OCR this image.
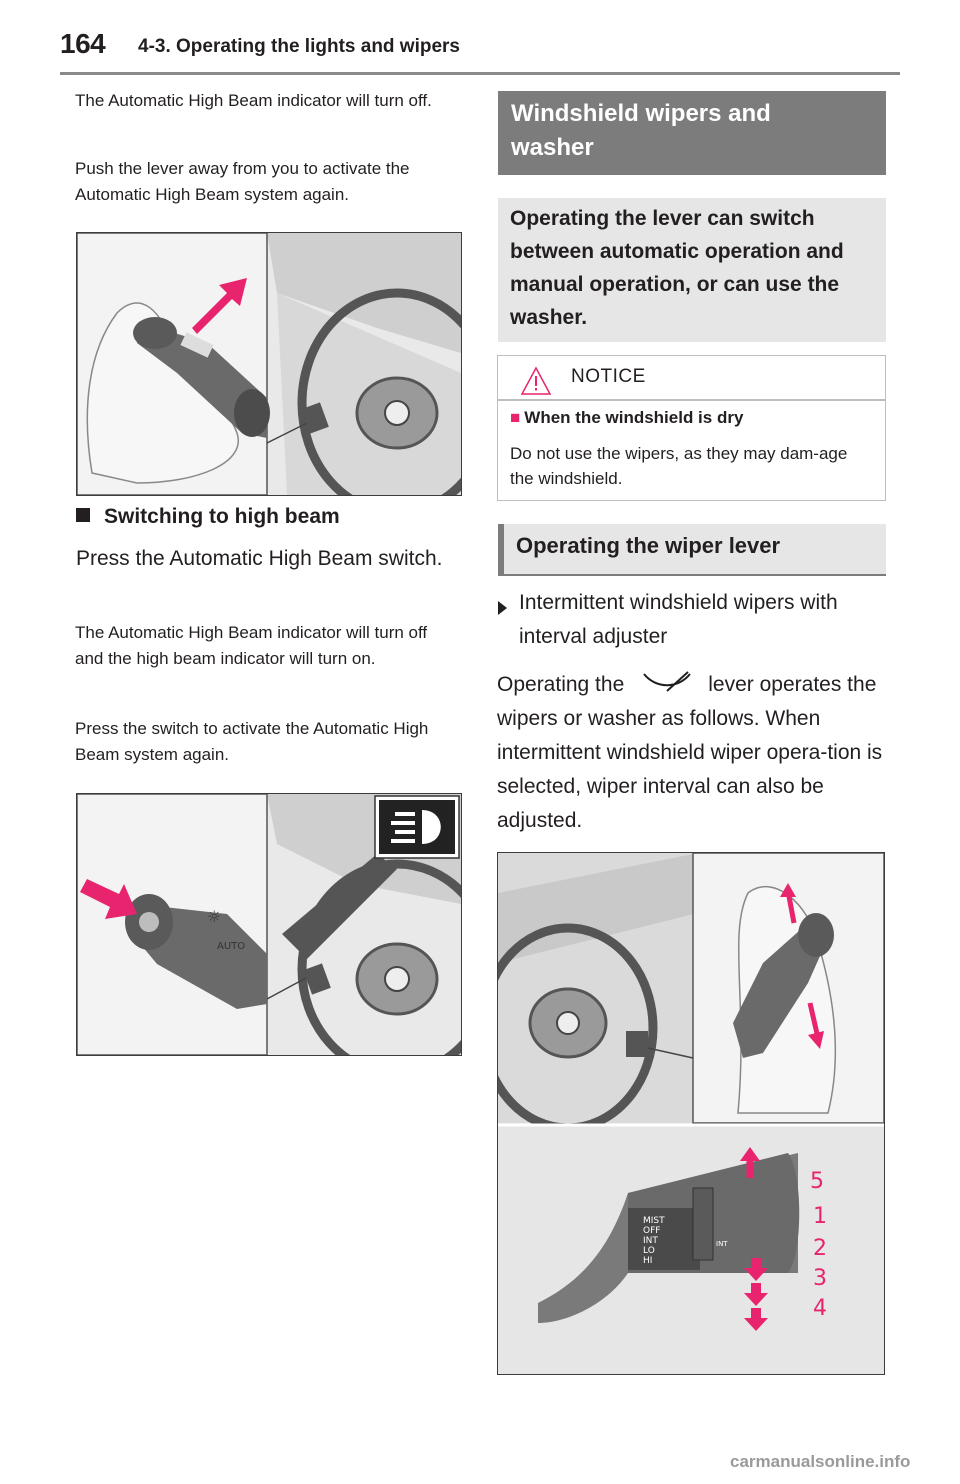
164 4-3. Operating the lights and wipers

The Automatic High Beam indicator will turn off.

Push the lever away from you to activate the Automatic High Beam system again.

Switching to high beam

Press the Automatic High Beam switch.

The Automatic High Beam indicator will turn off and the high beam indicator will turn on.

Press the switch to activate the Automatic High Beam system again.

☼
AUTO
Windshield wipers and washer
Operating the lever can switch between automatic operation and manual operation, or can use the washer.
NOTICE
■ When the windshield is dry
Do not use the wipers, as they may dam-age the windshield.
Operating the wiper lever
Intermittent windshield wipers with interval adjuster
Operating the	lever operates the wipers or washer as follows. When intermittent windshield wiper opera-tion is selected, wiper interval can also be adjusted.
MIST
OFF
INT
LO
HI
INT
5
1
2
3
4
carmanualsonline.info
